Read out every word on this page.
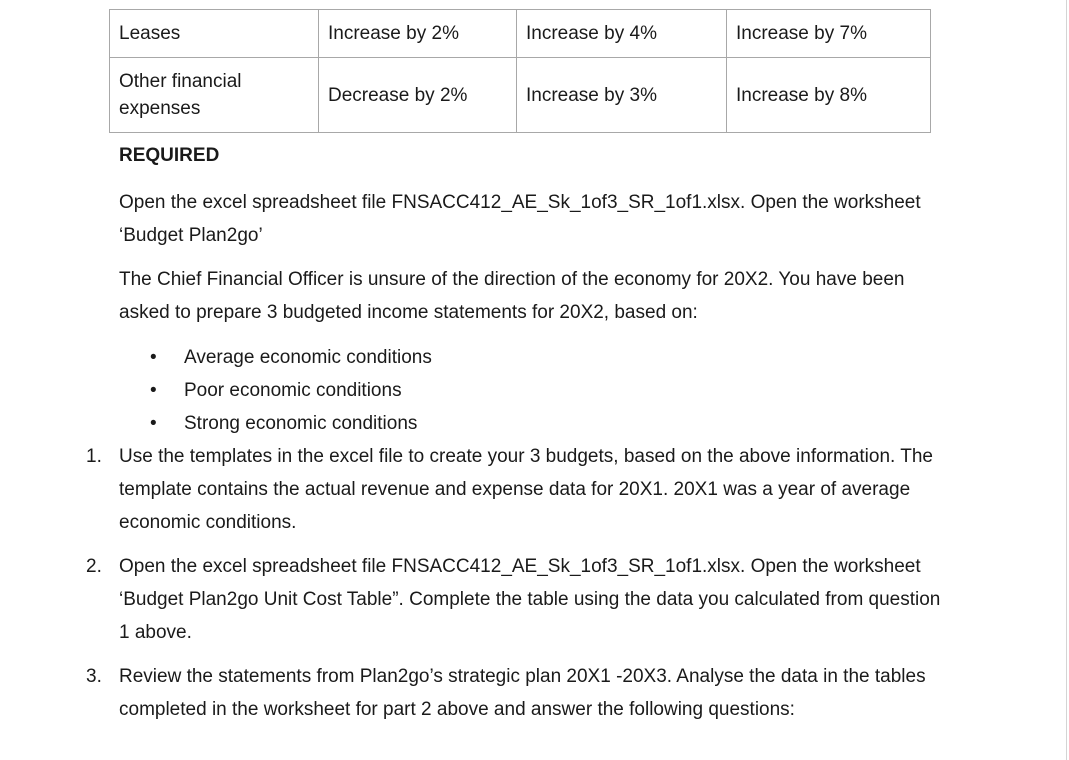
Leases	Increase by 2%	Increase by 4%	Increase by 7%
Other financial expenses	Decrease by 2%	Increase by 3%	Increase by 8%
REQUIRED

Open the excel spreadsheet file FNSACC412_AE_Sk_1of3_SR_1of1.xlsx. Open the worksheet ‘Budget Plan2go’

The Chief Financial Officer is unsure of the direction of the economy for 20X2. You have been asked to prepare 3 budgeted income statements for 20X2, based on:

• Average economic conditions
• Poor economic conditions
• Strong economic conditions
1. Use the templates in the excel file to create your 3 budgets, based on the above information. The template contains the actual revenue and expense data for 20X1. 20X1 was a year of average economic conditions.
2. Open the excel spreadsheet file FNSACC412_AE_Sk_1of3_SR_1of1.xlsx. Open the worksheet ‘Budget Plan2go Unit Cost Table”. Complete the table using the data you calculated from question 1 above.
3. Review the statements from Plan2go’s strategic plan 20X1 -20X3. Analyse the data in the tables completed in the worksheet for part 2 above and answer the following questions:
